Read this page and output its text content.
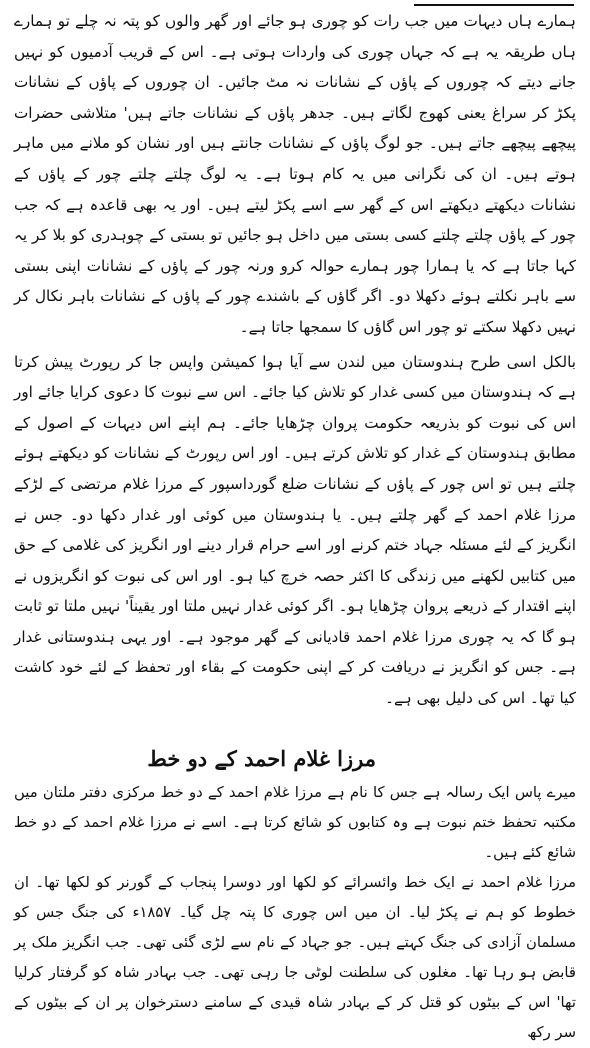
ہمارے ہاں دیہات میں جب رات کو چوری ہو جائے اور گھر والوں کو پتہ نہ چلے تو ہمارے ہاں طریقہ یہ ہے کہ جہاں چوری کی واردات ہوتی ہے۔ اس کے قریب آدمیوں کو نہیں جانے دیتے کہ چوروں کے پاؤں کے نشانات نہ مٹ جائیں۔ ان چوروں کے پاؤں کے نشانات پکڑ کر سراغ یعنی کھوج لگاتے ہیں۔ جدھر پاؤں کے نشانات جاتے ہیں' متلاشی حضرات پیچھے پیچھے جاتے ہیں۔ جو لوگ پاؤں کے نشانات جانتے ہیں اور نشان کو ملانے میں ماہر ہوتے ہیں۔ ان کی نگرانی میں یہ کام ہوتا ہے۔ یہ لوگ چلتے چلتے چور کے پاؤں کے نشانات دیکھتے دیکھتے اس کے گھر سے اسے پکڑ لیتے ہیں۔ اور یہ بھی قاعدہ ہے کہ جب چور کے پاؤں چلتے چلتے کسی بستی میں داخل ہو جائیں تو بستی کے چوہدری کو بلا کر یہ کہا جاتا ہے کہ یا ہمارا چور ہمارے حوالہ کرو ورنہ چور کے پاؤں کے نشانات اپنی بستی سے باہر نکلتے ہوئے دکھلا دو۔ اگر گاؤں کے باشندے چور کے پاؤں کے نشانات باہر نکال کر نہیں دکھلا سکتے تو چور اس گاؤں کا سمجھا جاتا ہے۔

بالکل اسی طرح ہندوستان میں لندن سے آیا ہوا کمیشن واپس جا کر رپورٹ پیش کرتا ہے کہ ہندوستان میں کسی غدار کو تلاش کیا جائے۔ اس سے نبوت کا دعوی کرایا جائے اور اس کی نبوت کو بذریعہ حکومت پروان چڑھایا جائے۔ ہم اپنے اس دیہات کے اصول کے مطابق ہندوستان کے غدار کو تلاش کرتے ہیں۔ اور اس رپورٹ کے نشانات کو دیکھتے ہوئے چلتے ہیں تو اس چور کے پاؤں کے نشانات ضلع گورداسپور کے مرزا غلام مرتضی کے لڑکے مرزا غلام احمد کے گھر چلتے ہیں۔ یا ہندوستان میں کوئی اور غدار دکھا دو۔ جس نے انگریز کے لئے مسئلہ جہاد ختم کرنے اور اسے حرام قرار دینے اور انگریز کی غلامی کے حق میں کتابیں لکھنے میں زندگی کا اکثر حصہ خرچ کیا ہو۔ اور اس کی نبوت کو انگریزوں نے اپنے اقتدار کے ذریعے پروان چڑھایا ہو۔ اگر کوئی غدار نہیں ملتا اور یقیناً' نہیں ملتا تو ثابت ہو گا کہ یہ چوری مرزا غلام احمد قادیانی کے گھر موجود ہے۔ اور یہی ہندوستانی غدار ہے۔ جس کو انگریز نے دریافت کر کے اپنی حکومت کے بقاء اور تحفظ کے لئے خود کاشت کیا تھا۔ اس کی دلیل بھی ہے۔

مرزا غلام احمد کے دو خط

میرے پاس ایک رسالہ ہے جس کا نام ہے مرزا غلام احمد کے دو خط مرکزی دفتر ملتان میں مکتبہ تحفظ ختم نبوت ہے وہ کتابوں کو شائع کرتا ہے۔ اسے نے مرزا غلام احمد کے دو خط شائع کئے ہیں۔

مرزا غلام احمد نے ایک خط وائسرائے کو لکھا اور دوسرا پنجاب کے گورنر کو لکھا تھا۔ ان خطوط کو ہم نے پکڑ لیا۔ ان میں اس چوری کا پتہ چل گیا۔ ۱۸۵۷ء کی جنگ جس کو مسلمان آزادی کی جنگ کہتے ہیں۔ جو جہاد کے نام سے لڑی گئی تھی۔ جب انگریز ملک پر قابض ہو رہا تھا۔ مغلوں کی سلطنت لوٹی جا رہی تھی۔ جب بہادر شاہ کو گرفتار کرلیا تھا' اس کے بیٹوں کو قتل کر کے بہادر شاہ قیدی کے سامنے دسترخوان پر ان کے بیٹوں کے سر رکھ
